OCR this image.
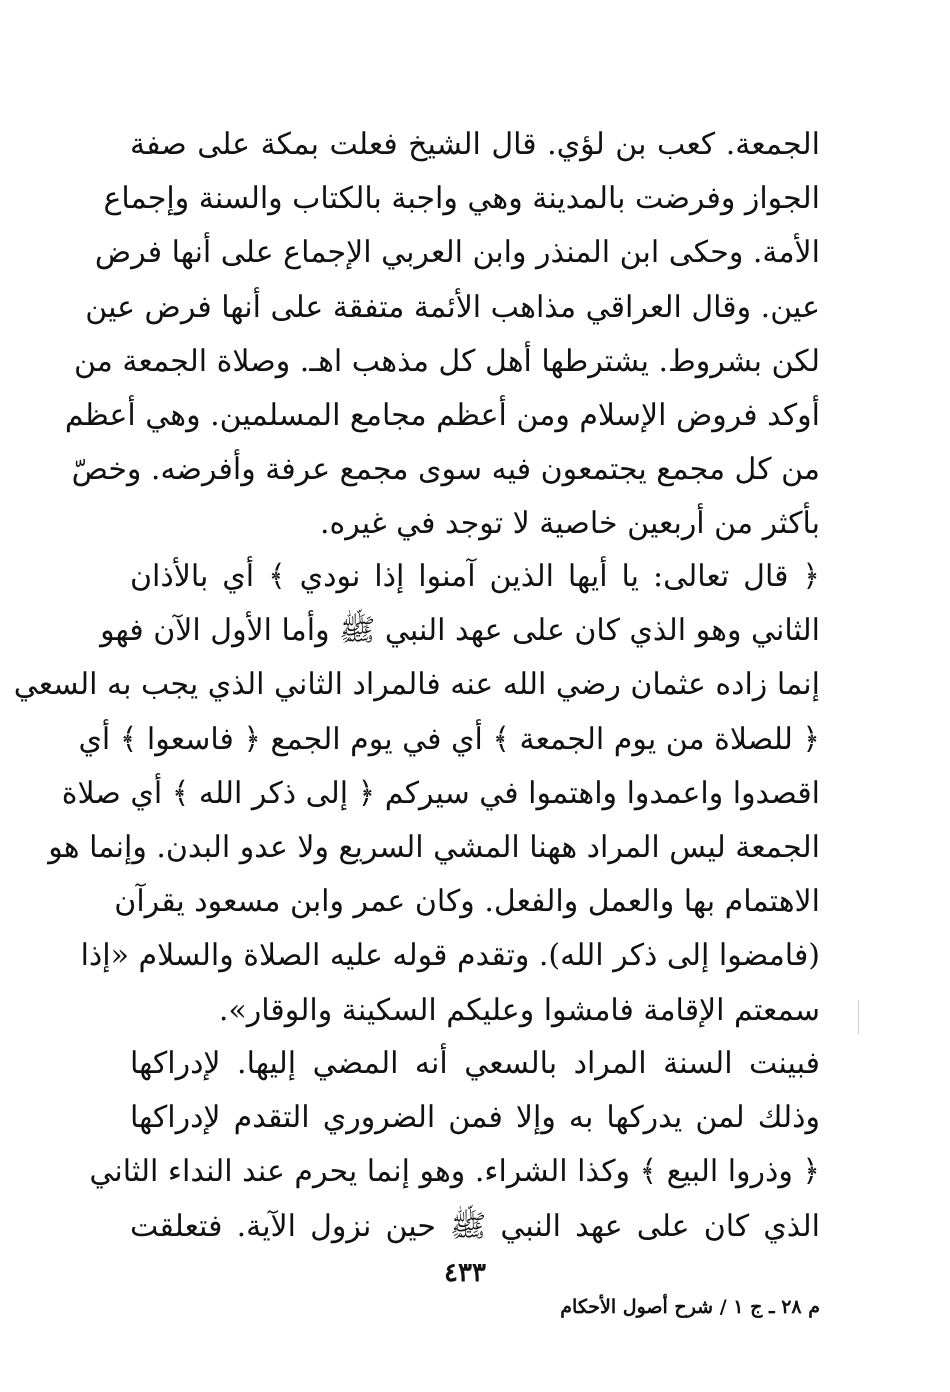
الجمعة. كعب بن لؤي. قال الشيخ فعلت بمكة على صفة
الجواز وفرضت بالمدينة وهي واجبة بالكتاب والسنة وإجماع
الأمة. وحكى ابن المنذر وابن العربي الإجماع على أنها فرض
عين. وقال العراقي مذاهب الأئمة متفقة على أنها فرض عين
لكن بشروط. يشترطها أهل كل مذهب اهـ. وصلاة الجمعة من
أوكد فروض الإسلام ومن أعظم مجامع المسلمين. وهي أعظم
من كل مجمع يجتمعون فيه سوى مجمع عرفة وأفرضه. وخصّ
بأكثر من أربعين خاصية لا توجد في غيره.
﴿ قال تعالى: يا أيها الذين آمنوا إذا نودي ﴾ أي بالأذان
الثاني وهو الذي كان على عهد النبي ﷺ وأما الأول الآن فهو
إنما زاده عثمان رضي الله عنه فالمراد الثاني الذي يجب به السعي
﴿ للصلاة من يوم الجمعة ﴾ أي في يوم الجمع ﴿ فاسعوا ﴾ أي
اقصدوا واعمدوا واهتموا في سيركم ﴿ إلى ذكر الله ﴾ أي صلاة
الجمعة ليس المراد ههنا المشي السريع ولا عدو البدن. وإنما هو
الاهتمام بها والعمل والفعل. وكان عمر وابن مسعود يقرآن
(فامضوا إلى ذكر الله). وتقدم قوله عليه الصلاة والسلام «إذا
سمعتم الإقامة فامشوا وعليكم السكينة والوقار».
فبينت السنة المراد بالسعي أنه المضي إليها. لإدراكها
وذلك لمن يدركها به وإلا فمن الضروري التقدم لإدراكها
﴿ وذروا البيع ﴾ وكذا الشراء. وهو إنما يحرم عند النداء الثاني
الذي كان على عهد النبي ﷺ حين نزول الآية. فتعلقت
٤٣٣
م ٢٨ ـ ج ١ / شرح أصول الأحكام
